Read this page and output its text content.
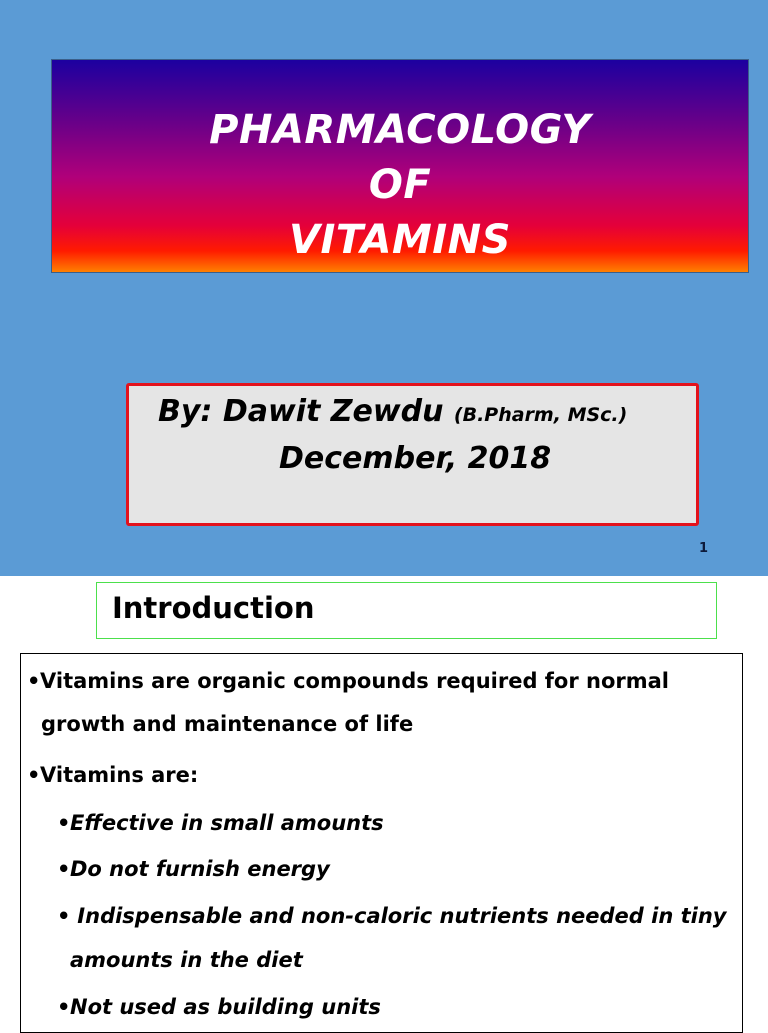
PHARMACOLOGY
OF
VITAMINS
By: Dawit Zewdu (B.Pharm, MSc.)
December, 2018
1
Introduction
•Vitamins are organic compounds required for normal
growth and maintenance of life
•Vitamins are:
•Effective in small amounts
•Do not furnish energy
• Indispensable and non-caloric nutrients needed in tiny
amounts in the diet
•Not used as building units
